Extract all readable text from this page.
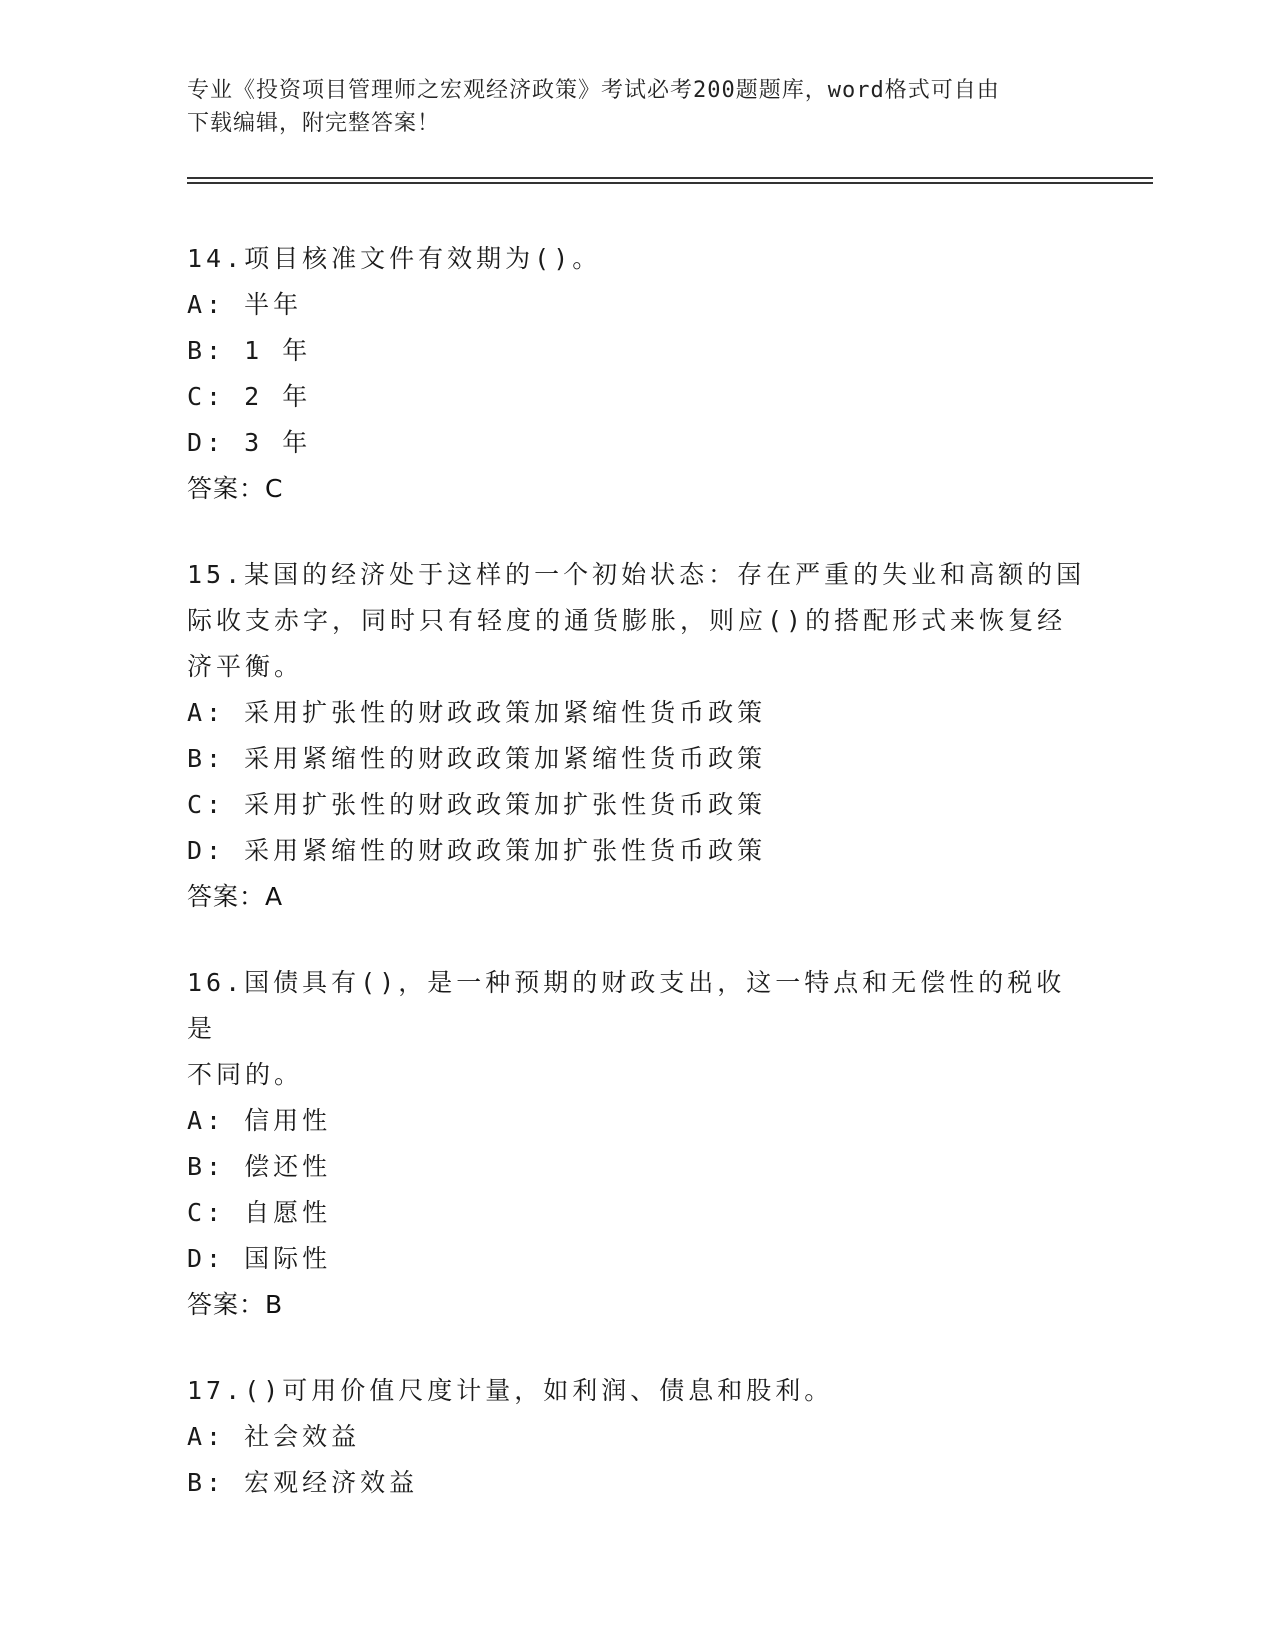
专业《投资项目管理师之宏观经济政策》考试必考200题题库，word格式可自由
下载编辑，附完整答案！
14.项目核准文件有效期为()。
A: 半年
B: 1 年
C: 2 年
D: 3 年
答案：C
15.某国的经济处于这样的一个初始状态：存在严重的失业和高额的国
际收支赤字，同时只有轻度的通货膨胀，则应()的搭配形式来恢复经
济平衡。
A: 采用扩张性的财政政策加紧缩性货币政策
B: 采用紧缩性的财政政策加紧缩性货币政策
C: 采用扩张性的财政政策加扩张性货币政策
D: 采用紧缩性的财政政策加扩张性货币政策
答案：A
16.国债具有()，是一种预期的财政支出，这一特点和无偿性的税收是
不同的。
A: 信用性
B: 偿还性
C: 自愿性
D: 国际性
答案：B
17.()可用价值尺度计量，如利润、债息和股利。
A: 社会效益
B: 宏观经济效益
